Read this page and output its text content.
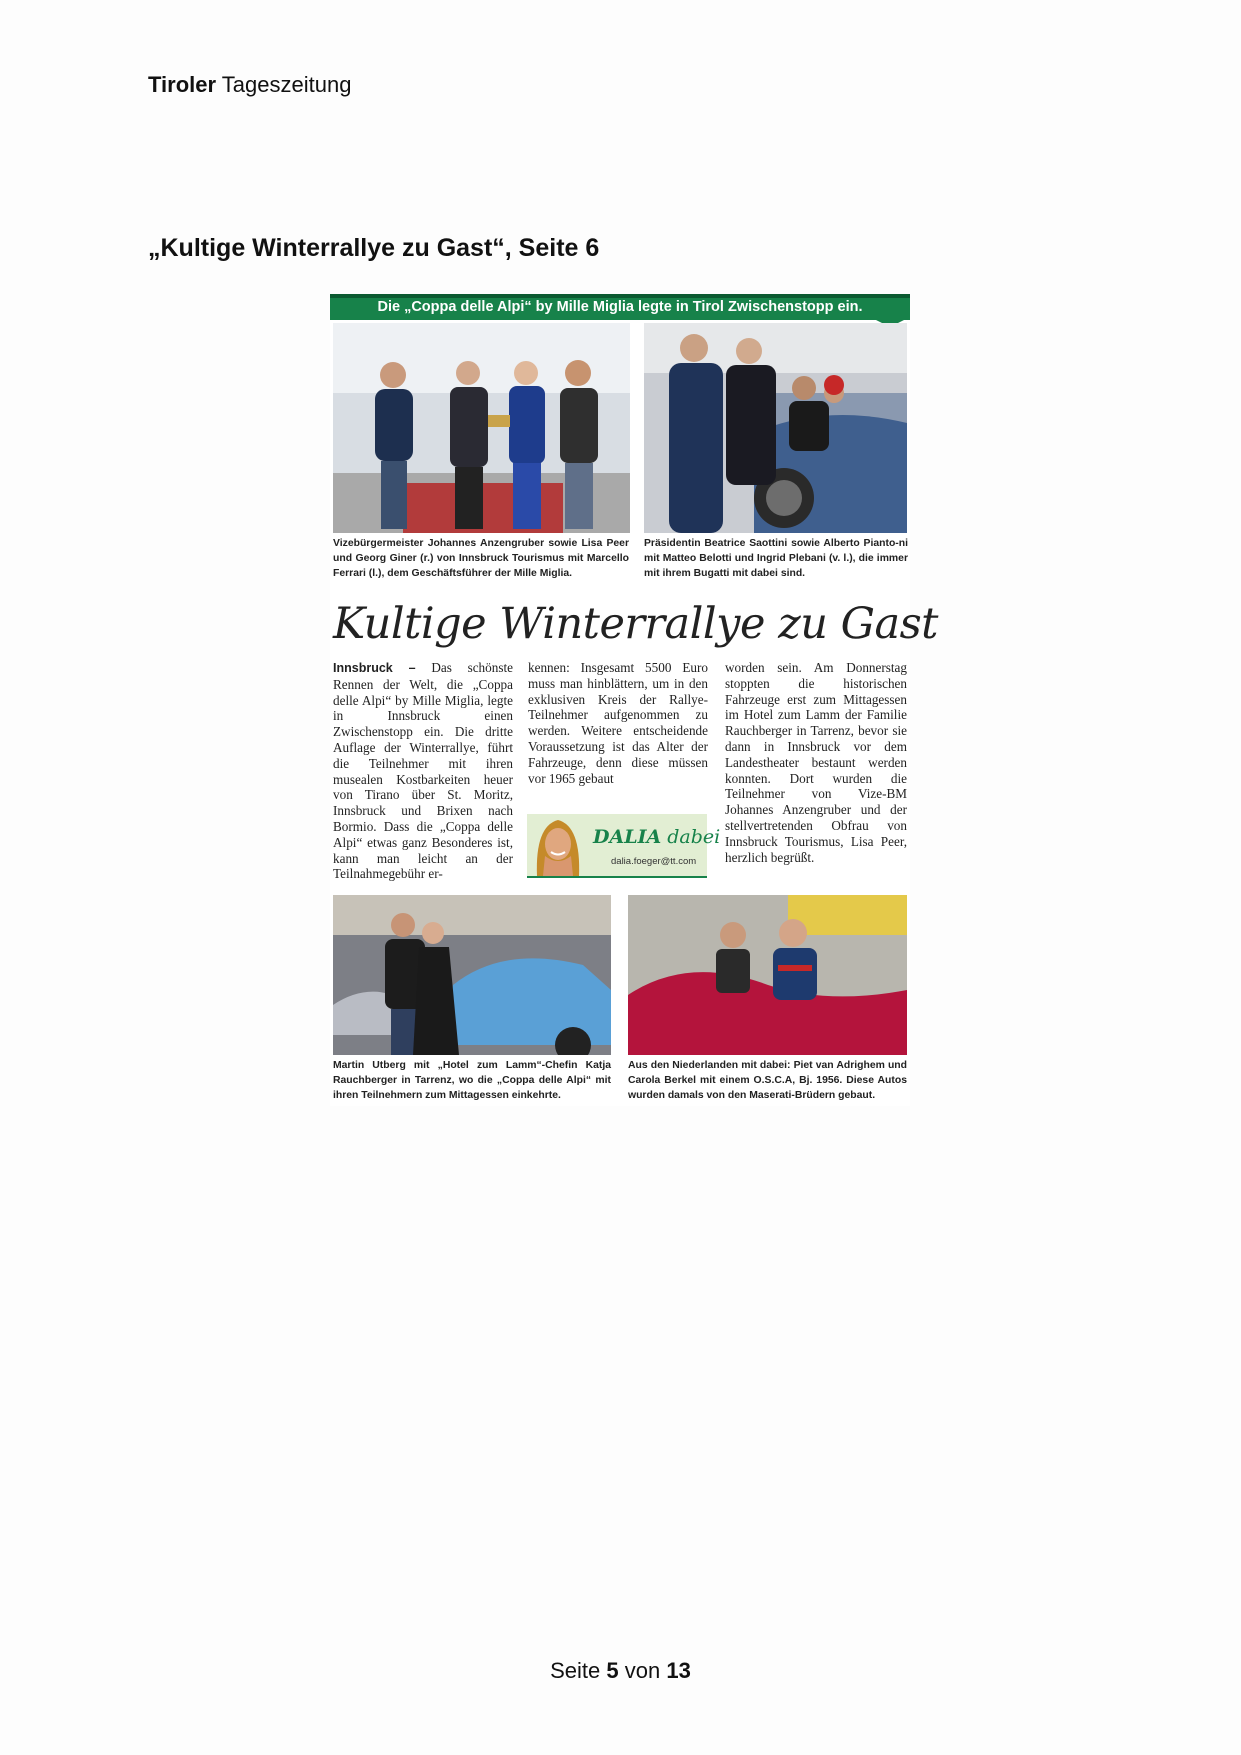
Tiroler Tageszeitung
„Kultige Winterrallye zu Gast“, Seite 6
Die „Coppa delle Alpi“ by Mille Miglia legte in Tirol Zwischenstopp ein.
Vizebürgermeister Johannes Anzengruber sowie Lisa Peer und Georg Giner (r.) von Innsbruck Tourismus mit Marcello Ferrari (l.), dem Geschäftsführer der Mille Miglia.
Präsidentin Beatrice Saottini sowie Alberto Pianto-ni mit Matteo Belotti und Ingrid Plebani (v. l.), die immer mit ihrem Bugatti mit dabei sind.
Kultige Winterrallye zu Gast
Innsbruck – Das schönste Rennen der Welt, die „Coppa delle Alpi“ by Mille Miglia, legte in Innsbruck einen Zwischenstopp ein. Die dritte Auflage der Winterrallye, führt die Teilnehmer mit ihren musealen Kostbarkeiten heuer von Tirano über St. Moritz, Innsbruck und Brixen nach Bormio. Dass die „Coppa delle Alpi“ etwas ganz Besonderes ist, kann man leicht an der Teilnahmegebühr er-
kennen: Insgesamt 5500 Euro muss man hinblättern, um in den exklusiven Kreis der Rallye-Teilnehmer aufgenommen zu werden. Weitere entscheidende Voraussetzung ist das Alter der Fahrzeuge, denn diese müssen vor 1965 gebaut
worden sein. Am Donnerstag stoppten die historischen Fahrzeuge erst zum Mittagessen im Hotel zum Lamm der Familie Rauchberger in Tarrenz, bevor sie dann in Innsbruck vor dem Landestheater bestaunt werden konnten. Dort wurden die Teilnehmer von Vize-BM Johannes Anzengruber und der stellvertretenden Obfrau von Innsbruck Tourismus, Lisa Peer, herzlich begrüßt.
DALIA dabei
dalia.foeger@tt.com
Martin Utberg mit „Hotel zum Lamm“-Chefin Katja Rauchberger in Tarrenz, wo die „Coppa delle Alpi“ mit ihren Teilnehmern zum Mittagessen einkehrte.
Aus den Niederlanden mit dabei: Piet van Adrighem und Carola Berkel mit einem O.S.C.A, Bj. 1956. Diese Autos wurden damals von den Maserati-Brüdern gebaut.
Seite 5 von 13
